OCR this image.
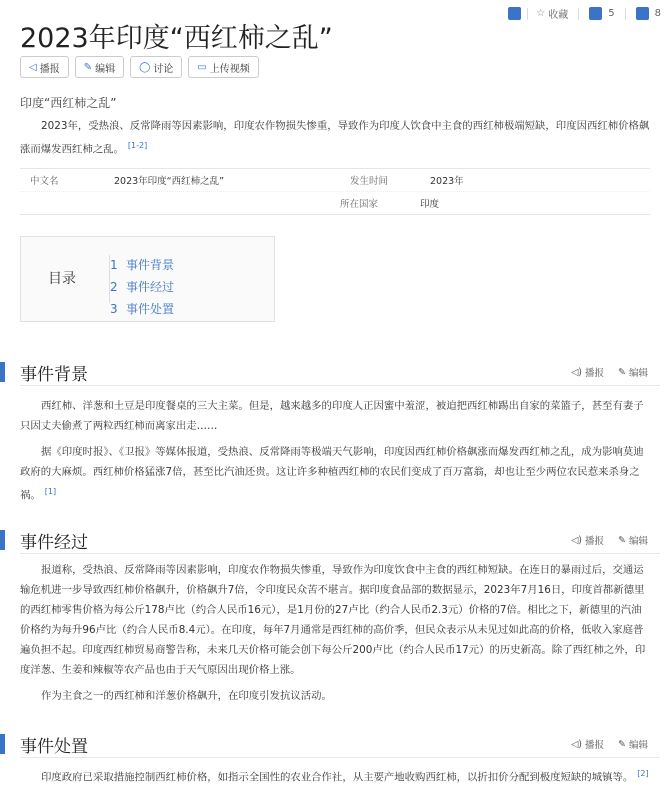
☆ 收藏	5	8
2023年印度“西红柿之乱”
◁ 播报 ✎ 编辑 ◯ 讨论 ▭ 上传视频
印度“西红柿之乱”
2023年，受热浪、反常降雨等因素影响，印度农作物损失惨重，导致作为印度人饮食中主食的西红柿极端短缺，印度因西红柿价格飙涨而爆发西红柿之乱。 [1-2]
中文名	2023年印度“西红柿之乱”	发生时间	2023年
所在国家	印度
目录
1 事件背景
2 事件经过
3 事件处置
事件背景	◁) 播报 ✎ 编辑
西红柿、洋葱和土豆是印度餐桌的三大主菜。但是，越来越多的印度人正因蜜中羞涩，被迫把西红柿踢出自家的菜篮子，甚至有妻子只因丈夫偷煮了两粒西红柿而离家出走……
据《印度时报》、《卫报》等媒体报道，受热浪、反常降雨等极端天气影响，印度因西红柿价格飙涨而爆发西红柿之乱，成为影响莫迪政府的大麻烦。西红柿价格猛涨7倍，甚至比汽油还贵。这让许多种植西红柿的农民们变成了百万富翁，却也让至少两位农民惹来杀身之祸。 [1]
事件经过	◁) 播报 ✎ 编辑
报道称，受热浪、反常降雨等因素影响，印度农作物损失惨重，导致作为印度饮食中主食的西红柿短缺。在连日的暴雨过后，交通运输危机进一步导致西红柿价格飙升，价格飙升7倍，令印度民众苦不堪言。据印度食品部的数据显示，2023年7月16日，印度首都新德里的西红柿零售价格为每公斤178卢比（约合人民币16元），是1月份的27卢比（约合人民币2.3元）价格的7倍。相比之下，新德里的汽油价格约为每升96卢比（约合人民币8.4元）。在印度，每年7月通常是西红柿的高价季，但民众表示从未见过如此高的价格，低收入家庭普遍负担不起。印度西红柿贸易商警告称，未来几天价格可能会创下每公斤200卢比（约合人民币17元）的历史新高。除了西红柿之外，印度洋葱、生姜和辣椒等农产品也由于天气原因出现价格上涨。
作为主食之一的西红柿和洋葱价格飙升，在印度引发抗议活动。
事件处置	◁) 播报 ✎ 编辑
印度政府已采取措施控制西红柿价格，如指示全国性的农业合作社，从主要产地收购西红柿，以折扣价分配到极度短缺的城镇等。 [2]
